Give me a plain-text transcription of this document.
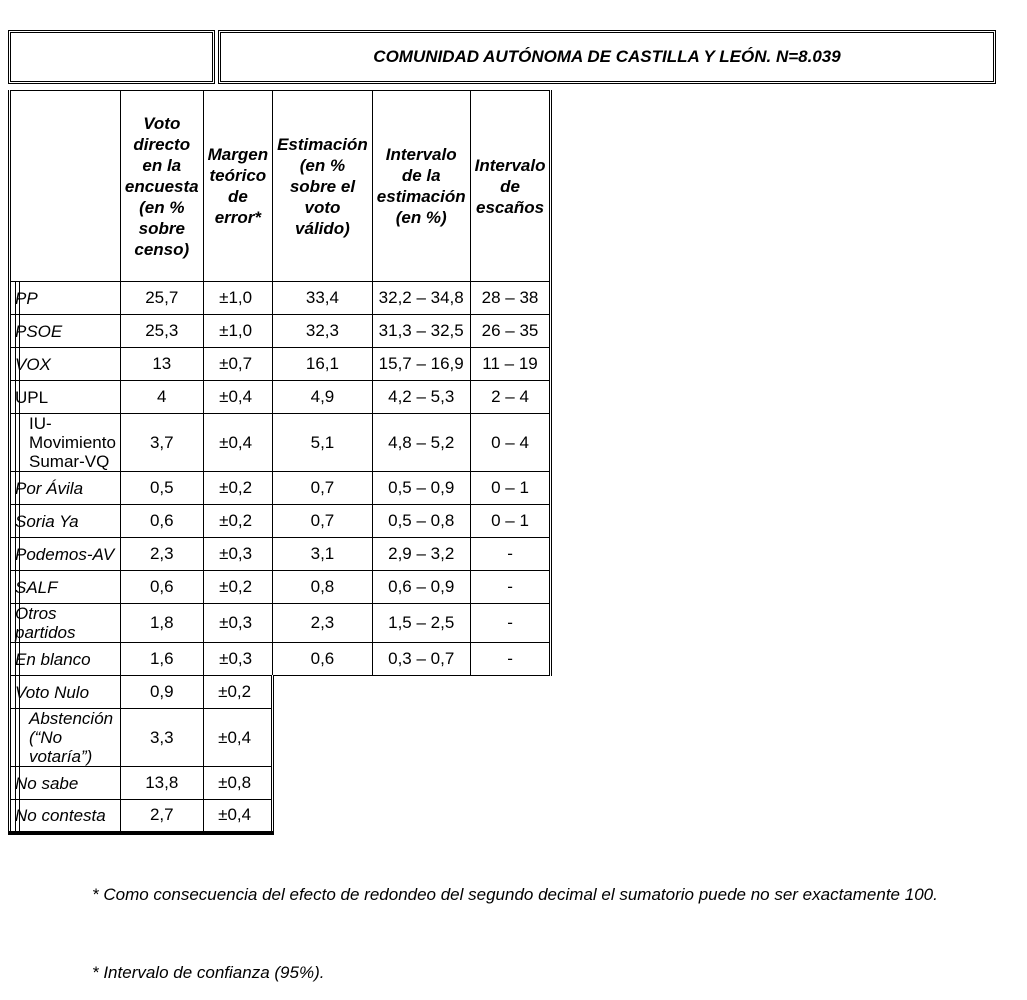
COMUNIDAD AUTÓNOMA DE CASTILLA Y LEÓN. N=8.039
	Voto directo en la encuesta (en % sobre censo)	Margen teórico de error*	Estimación (en % sobre el voto válido)	Intervalo de la estimación (en %)	Intervalo de escaños
PP	25,7	±1,0	33,4	32,2 – 34,8	28 – 38
PSOE	25,3	±1,0	32,3	31,3 – 32,5	26 – 35
VOX	13	±0,7	16,1	15,7 – 16,9	11 – 19
UPL	4	±0,4	4,9	4,2 – 5,3	2 – 4
IU-Movimiento Sumar-VQ	3,7	±0,4	5,1	4,8 – 5,2	0 – 4
Por Ávila	0,5	±0,2	0,7	0,5 – 0,9	0 – 1
Soria Ya	0,6	±0,2	0,7	0,5 – 0,8	0 – 1
Podemos-AV	2,3	±0,3	3,1	2,9 – 3,2	-
SALF	0,6	±0,2	0,8	0,6 – 0,9	-
Otros partidos	1,8	±0,3	2,3	1,5 – 2,5	-
En blanco	1,6	±0,3	0,6	0,3 – 0,7	-
Voto Nulo	0,9	±0,2			
Abstención (“No votaría”)	3,3	±0,4			
No sabe	13,8	±0,8			
No contesta	2,7	±0,4			
* Como consecuencia del efecto de redondeo del segundo decimal el sumatorio puede no ser exactamente 100.
* Intervalo de confianza (95%).
